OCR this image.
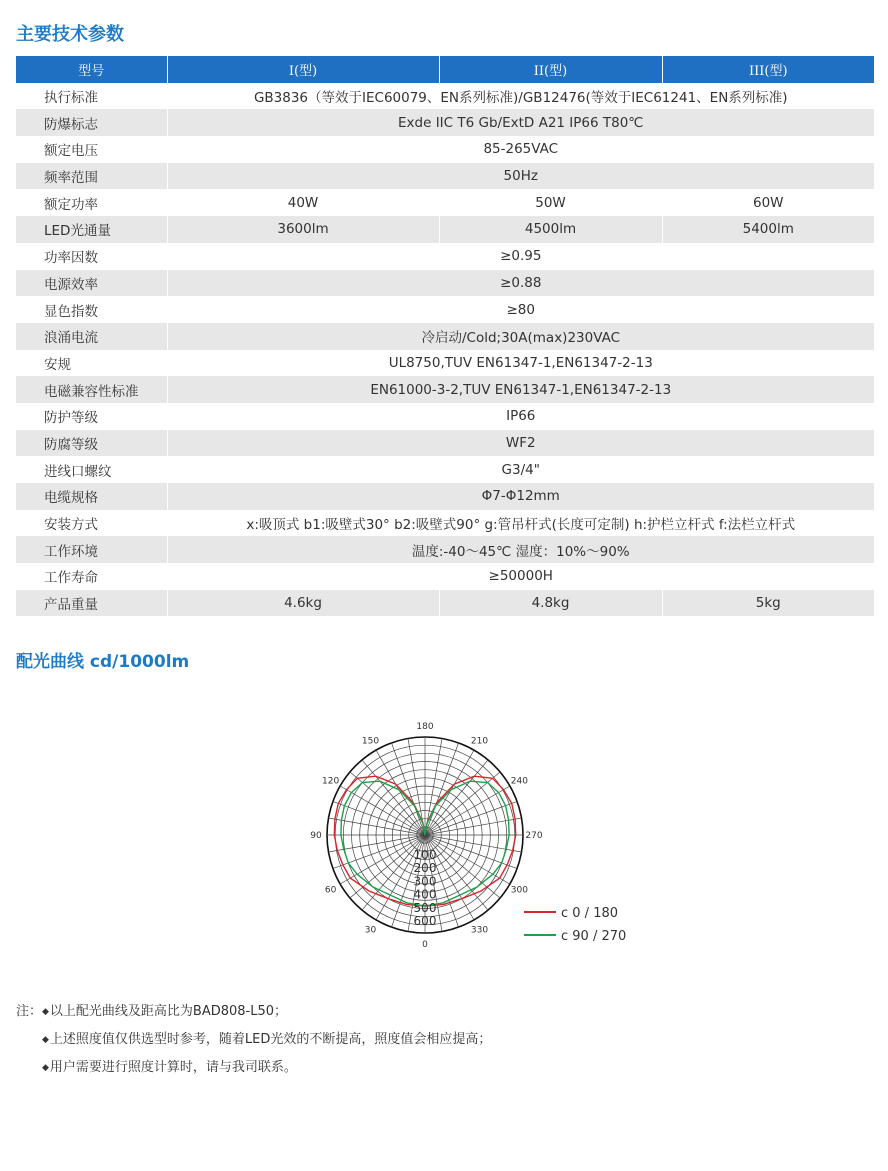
主要技术参数
型号	I(型)	II(型)	III(型)
执行标准	GB3836（等效于IEC60079、EN系列标准)/GB12476(等效于IEC61241、EN系列标准)		
防爆标志	Exde IIC T6 Gb/ExtD A21 IP66 T80℃		
额定电压	85-265VAC		
频率范围	50Hz		
额定功率	40W	50W	60W
LED光通量	3600lm	4500lm	5400lm
功率因数	≥0.95		
电源效率	≥0.88		
显色指数	≥80		
浪涌电流	冷启动/Cold;30A(max)230VAC		
安规	UL8750,TUV EN61347-1,EN61347-2-13		
电磁兼容性标准	EN61000-3-2,TUV EN61347-1,EN61347-2-13		
防护等级	IP66		
防腐等级	WF2		
进线口螺纹	G3/4"		
电缆规格	Φ7-Φ12mm		
安装方式	x:吸顶式 b1:吸壁式30° b2:吸壁式90° g:管吊杆式(长度可定制) h:护栏立杆式 f:法栏立杆式		
工作环境	温度:-40～45℃ 湿度：10%～90%		
工作寿命	≥50000H		
产品重量	4.6kg	4.8kg	5kg
配光曲线 cd/1000lm
180
150
120
90
60
30
0
330
300
270
240
210
100
200
300
400
500
600	c 0 / 180
c 90 / 270
注：◆以上配光曲线及距高比为BAD808-L50；
◆上述照度值仅供选型时参考，随着LED光效的不断提高，照度值会相应提高；
◆用户需要进行照度计算时，请与我司联系。
